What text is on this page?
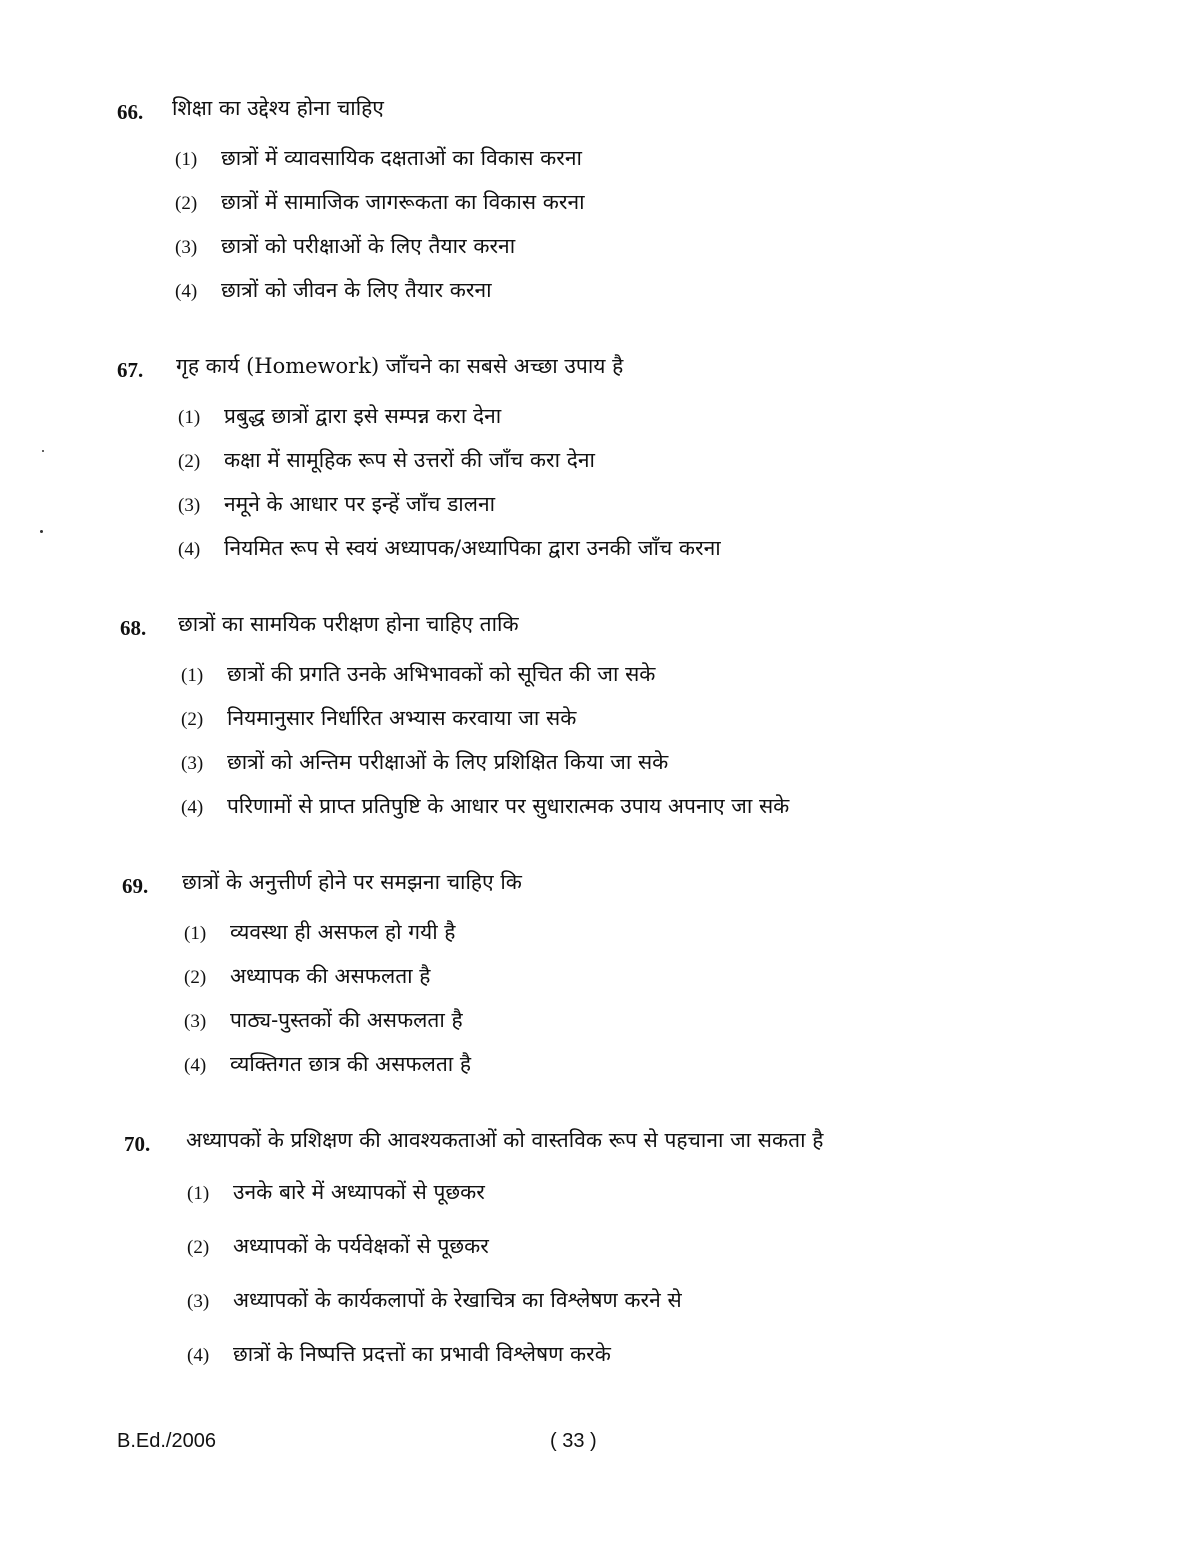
66. शिक्षा का उद्देश्य होना चाहिए
(1) छात्रों में व्यावसायिक दक्षताओं का विकास करना
(2) छात्रों में सामाजिक जागरूकता का विकास करना
(3) छात्रों को परीक्षाओं के लिए तैयार करना
(4) छात्रों को जीवन के लिए तैयार करना
67. गृह कार्य (Homework) जाँचने का सबसे अच्छा उपाय है
(1) प्रबुद्ध छात्रों द्वारा इसे सम्पन्न करा देना
(2) कक्षा में सामूहिक रूप से उत्तरों की जाँच करा देना
(3) नमूने के आधार पर इन्हें जाँच डालना
(4) नियमित रूप से स्वयं अध्यापक/अध्यापिका द्वारा उनकी जाँच करना
68. छात्रों का सामयिक परीक्षण होना चाहिए ताकि
(1) छात्रों की प्रगति उनके अभिभावकों को सूचित की जा सके
(2) नियमानुसार निर्धारित अभ्यास करवाया जा सके
(3) छात्रों को अन्तिम परीक्षाओं के लिए प्रशिक्षित किया जा सके
(4) परिणामों से प्राप्त प्रतिपुष्टि के आधार पर सुधारात्मक उपाय अपनाए जा सके
69. छात्रों के अनुत्तीर्ण होने पर समझना चाहिए कि
(1) व्यवस्था ही असफल हो गयी है
(2) अध्यापक की असफलता है
(3) पाठ्य-पुस्तकों की असफलता है
(4) व्यक्तिगत छात्र की असफलता है
70. अध्यापकों के प्रशिक्षण की आवश्यकताओं को वास्तविक रूप से पहचाना जा सकता है
(1) उनके बारे में अध्यापकों से पूछकर
(2) अध्यापकों के पर्यवेक्षकों से पूछकर
(3) अध्यापकों के कार्यकलापों के रेखाचित्र का विश्लेषण करने से
(4) छात्रों के निष्पत्ति प्रदत्तों का प्रभावी विश्लेषण करके
B.Ed./2006	( 33 )
